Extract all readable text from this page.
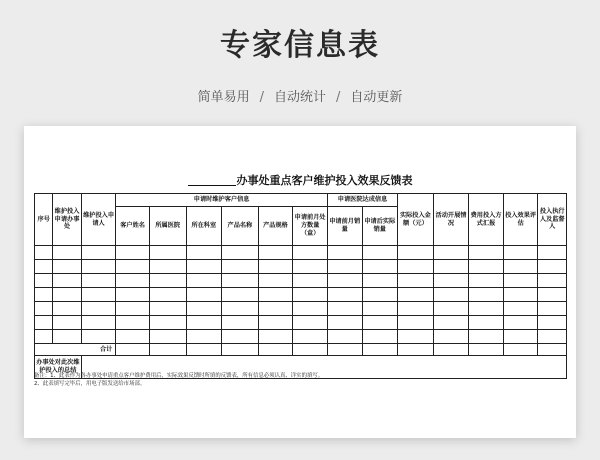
专家信息表
简单易用 / 自动统计 / 自动更新
办事处重点客户维护投入效果反馈表
序号	维护投入申请办事处	维护投入申请人	申请时维护客户信息						申请医院达成信息		实际投入金额（元）	活动开展情况	费用投入方式汇报	投入效果评估	投入执行人及监督人
			客户姓名	所属医院	所在科室	产品名称	产品规格	申请前月处方数量（盒）	申请前月销量	申请后实际销量					

合计															
办事处对此次维护投入的总结															
备注：1、此表作为各办事处申请重点客户维护费用后，实际效果反馈时所填的反馈表，所有信息必须认真、详实的填写。
2、此表填写完毕后，用电子版发送给市场部。
